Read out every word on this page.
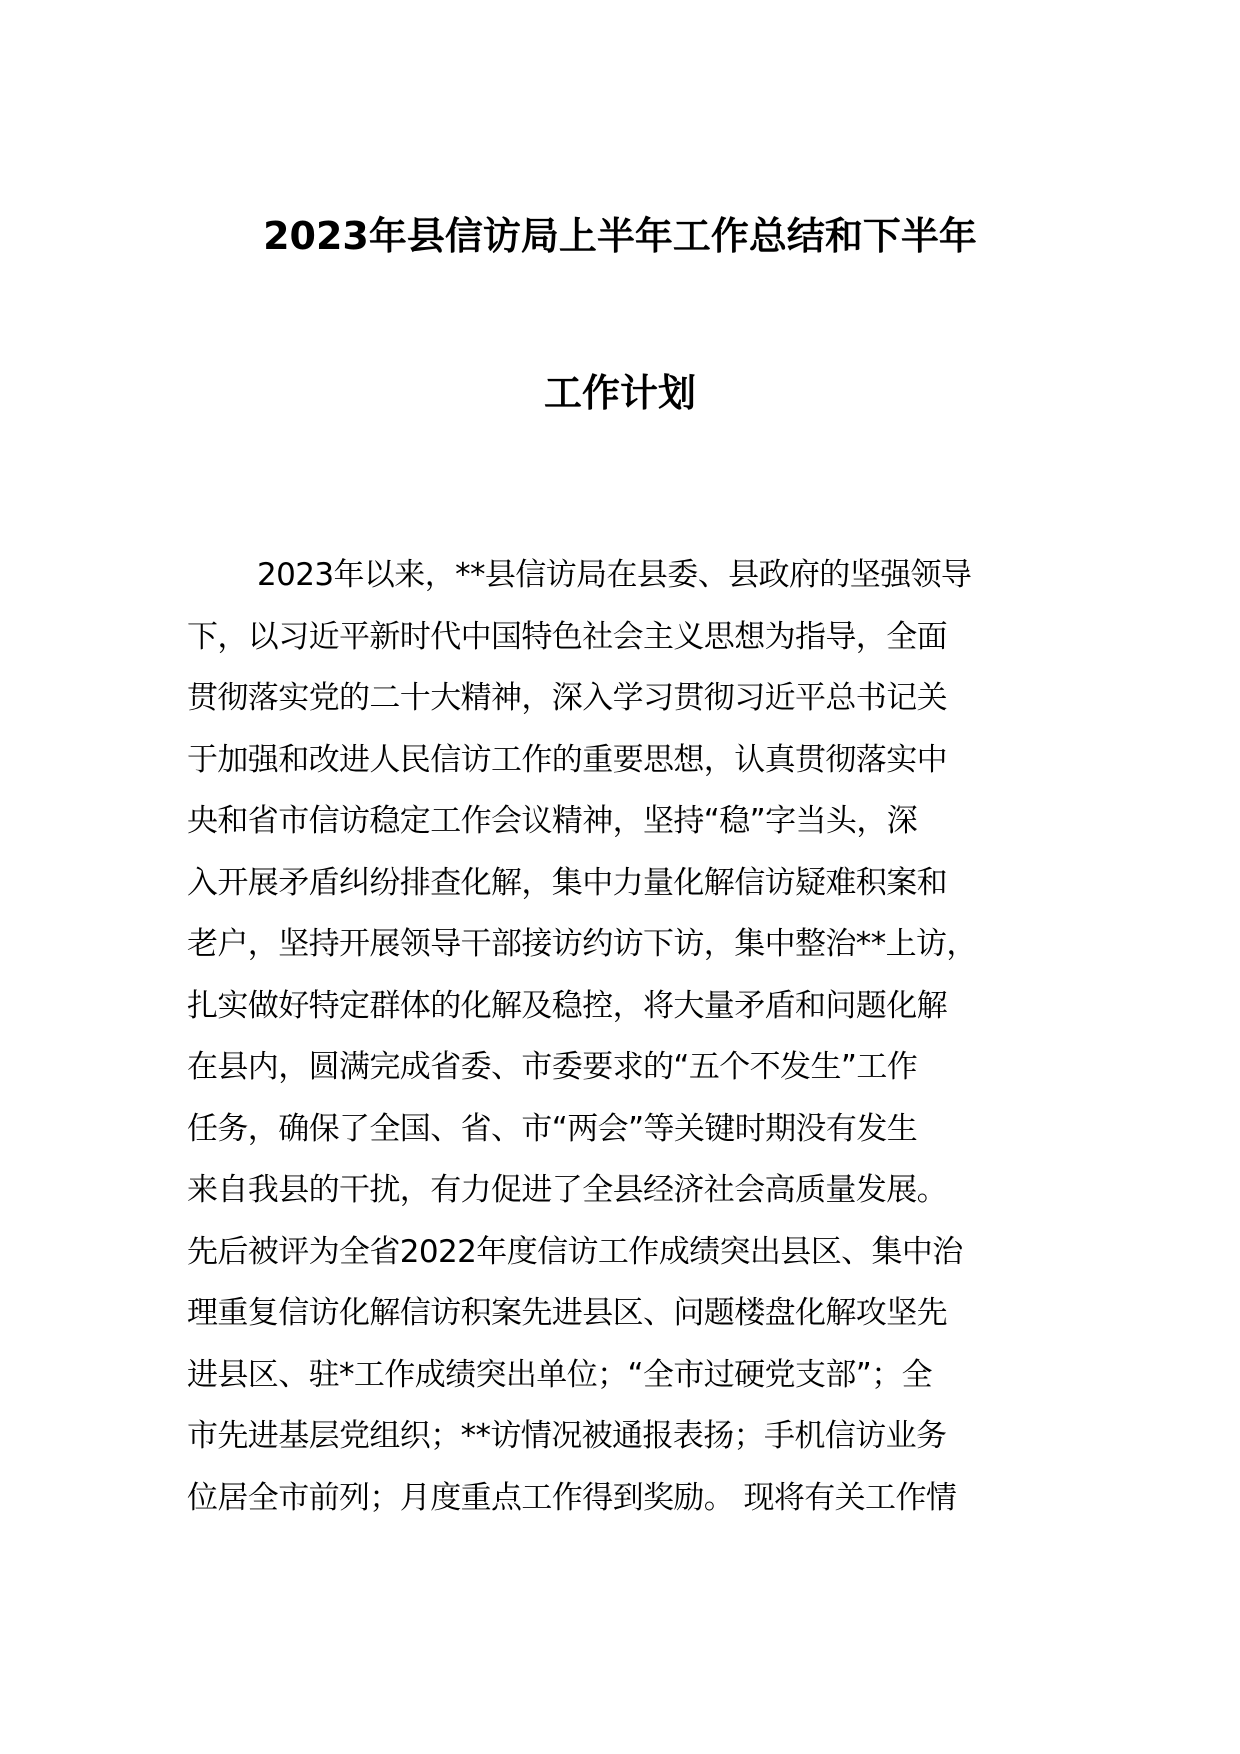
2023年县信访局上半年工作总结和下半年
工作计划
2023年以来，**县信访局在县委、县政府的坚强领导
下，以习近平新时代中国特色社会主义思想为指导，全面
贯彻落实党的二十大精神，深入学习贯彻习近平总书记关
于加强和改进人民信访工作的重要思想，认真贯彻落实中
央和省市信访稳定工作会议精神，坚持“稳”字当头，深
入开展矛盾纠纷排查化解，集中力量化解信访疑难积案和
老户，坚持开展领导干部接访约访下访，集中整治**上访，
扎实做好特定群体的化解及稳控，将大量矛盾和问题化解
在县内，圆满完成省委、市委要求的“五个不发生”工作
任务，确保了全国、省、市“两会”等关键时期没有发生
来自我县的干扰，有力促进了全县经济社会高质量发展。
先后被评为全省2022年度信访工作成绩突出县区、集中治
理重复信访化解信访积案先进县区、问题楼盘化解攻坚先
进县区、驻*工作成绩突出单位；“全市过硬党支部”；全
市先进基层党组织；**访情况被通报表扬；手机信访业务
位居全市前列；月度重点工作得到奖励。 现将有关工作情
